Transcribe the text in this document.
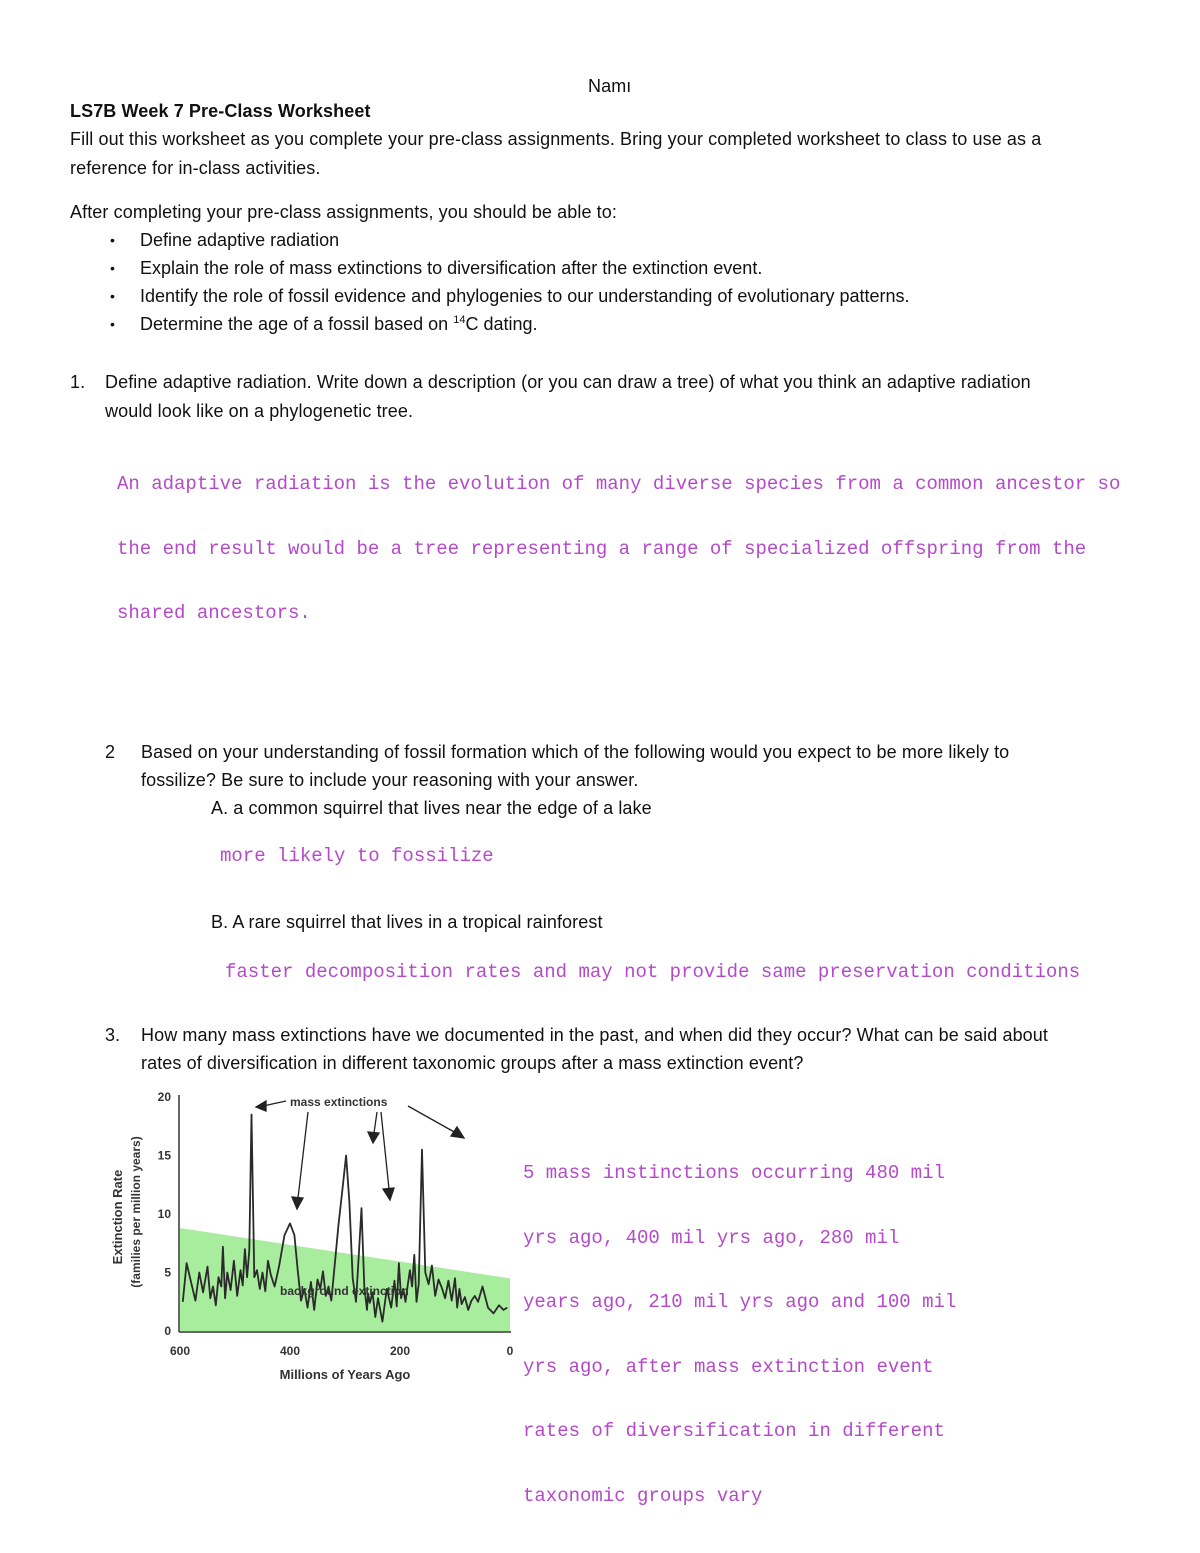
Namı
LS7B Week 7 Pre-Class Worksheet
Fill out this worksheet as you complete your pre-class assignments. Bring your completed worksheet to class to use as a
reference for in-class activities.
After completing your pre-class assignments, you should be able to:
• Define adaptive radiation
• Explain the role of mass extinctions to diversification after the extinction event.
• Identify the role of fossil evidence and phylogenies to our understanding of evolutionary patterns.
• Determine the age of a fossil based on $^{14}$C dating.
1. Define adaptive radiation. Write down a description (or you can draw a tree) of what you think an adaptive radiation
would look like on a phylogenetic tree.

An adaptive radiation is the evolution of many diverse species from a common ancestor so

the end result would be a tree representing a range of specialized offspring from the

shared ancestors.

2 Based on your understanding of fossil formation which of the following would you expect to be more likely to
fossilize? Be sure to include your reasoning with your answer.
A. a common squirrel that lives near the edge of a lake
more likely to fossilize
B. A rare squirrel that lives in a tropical rainforest
faster decomposition rates and may not provide same preservation conditions
3. How many mass extinctions have we documented in the past, and when did they occur? What can be said about
rates of diversification in different taxonomic groups after a mass extinction event?

5 mass instinctions occurring 480 mil

yrs ago, 400 mil yrs ago, 280 mil

years ago, 210 mil yrs ago and 100 mil

yrs ago, after mass extinction event

rates of diversification in different

taxonomic groups vary

0
5
10
15
20
600	400	200	0
Millions of Years Ago
Extinction Rate (families per million years)
mass extinctions
background extinction
